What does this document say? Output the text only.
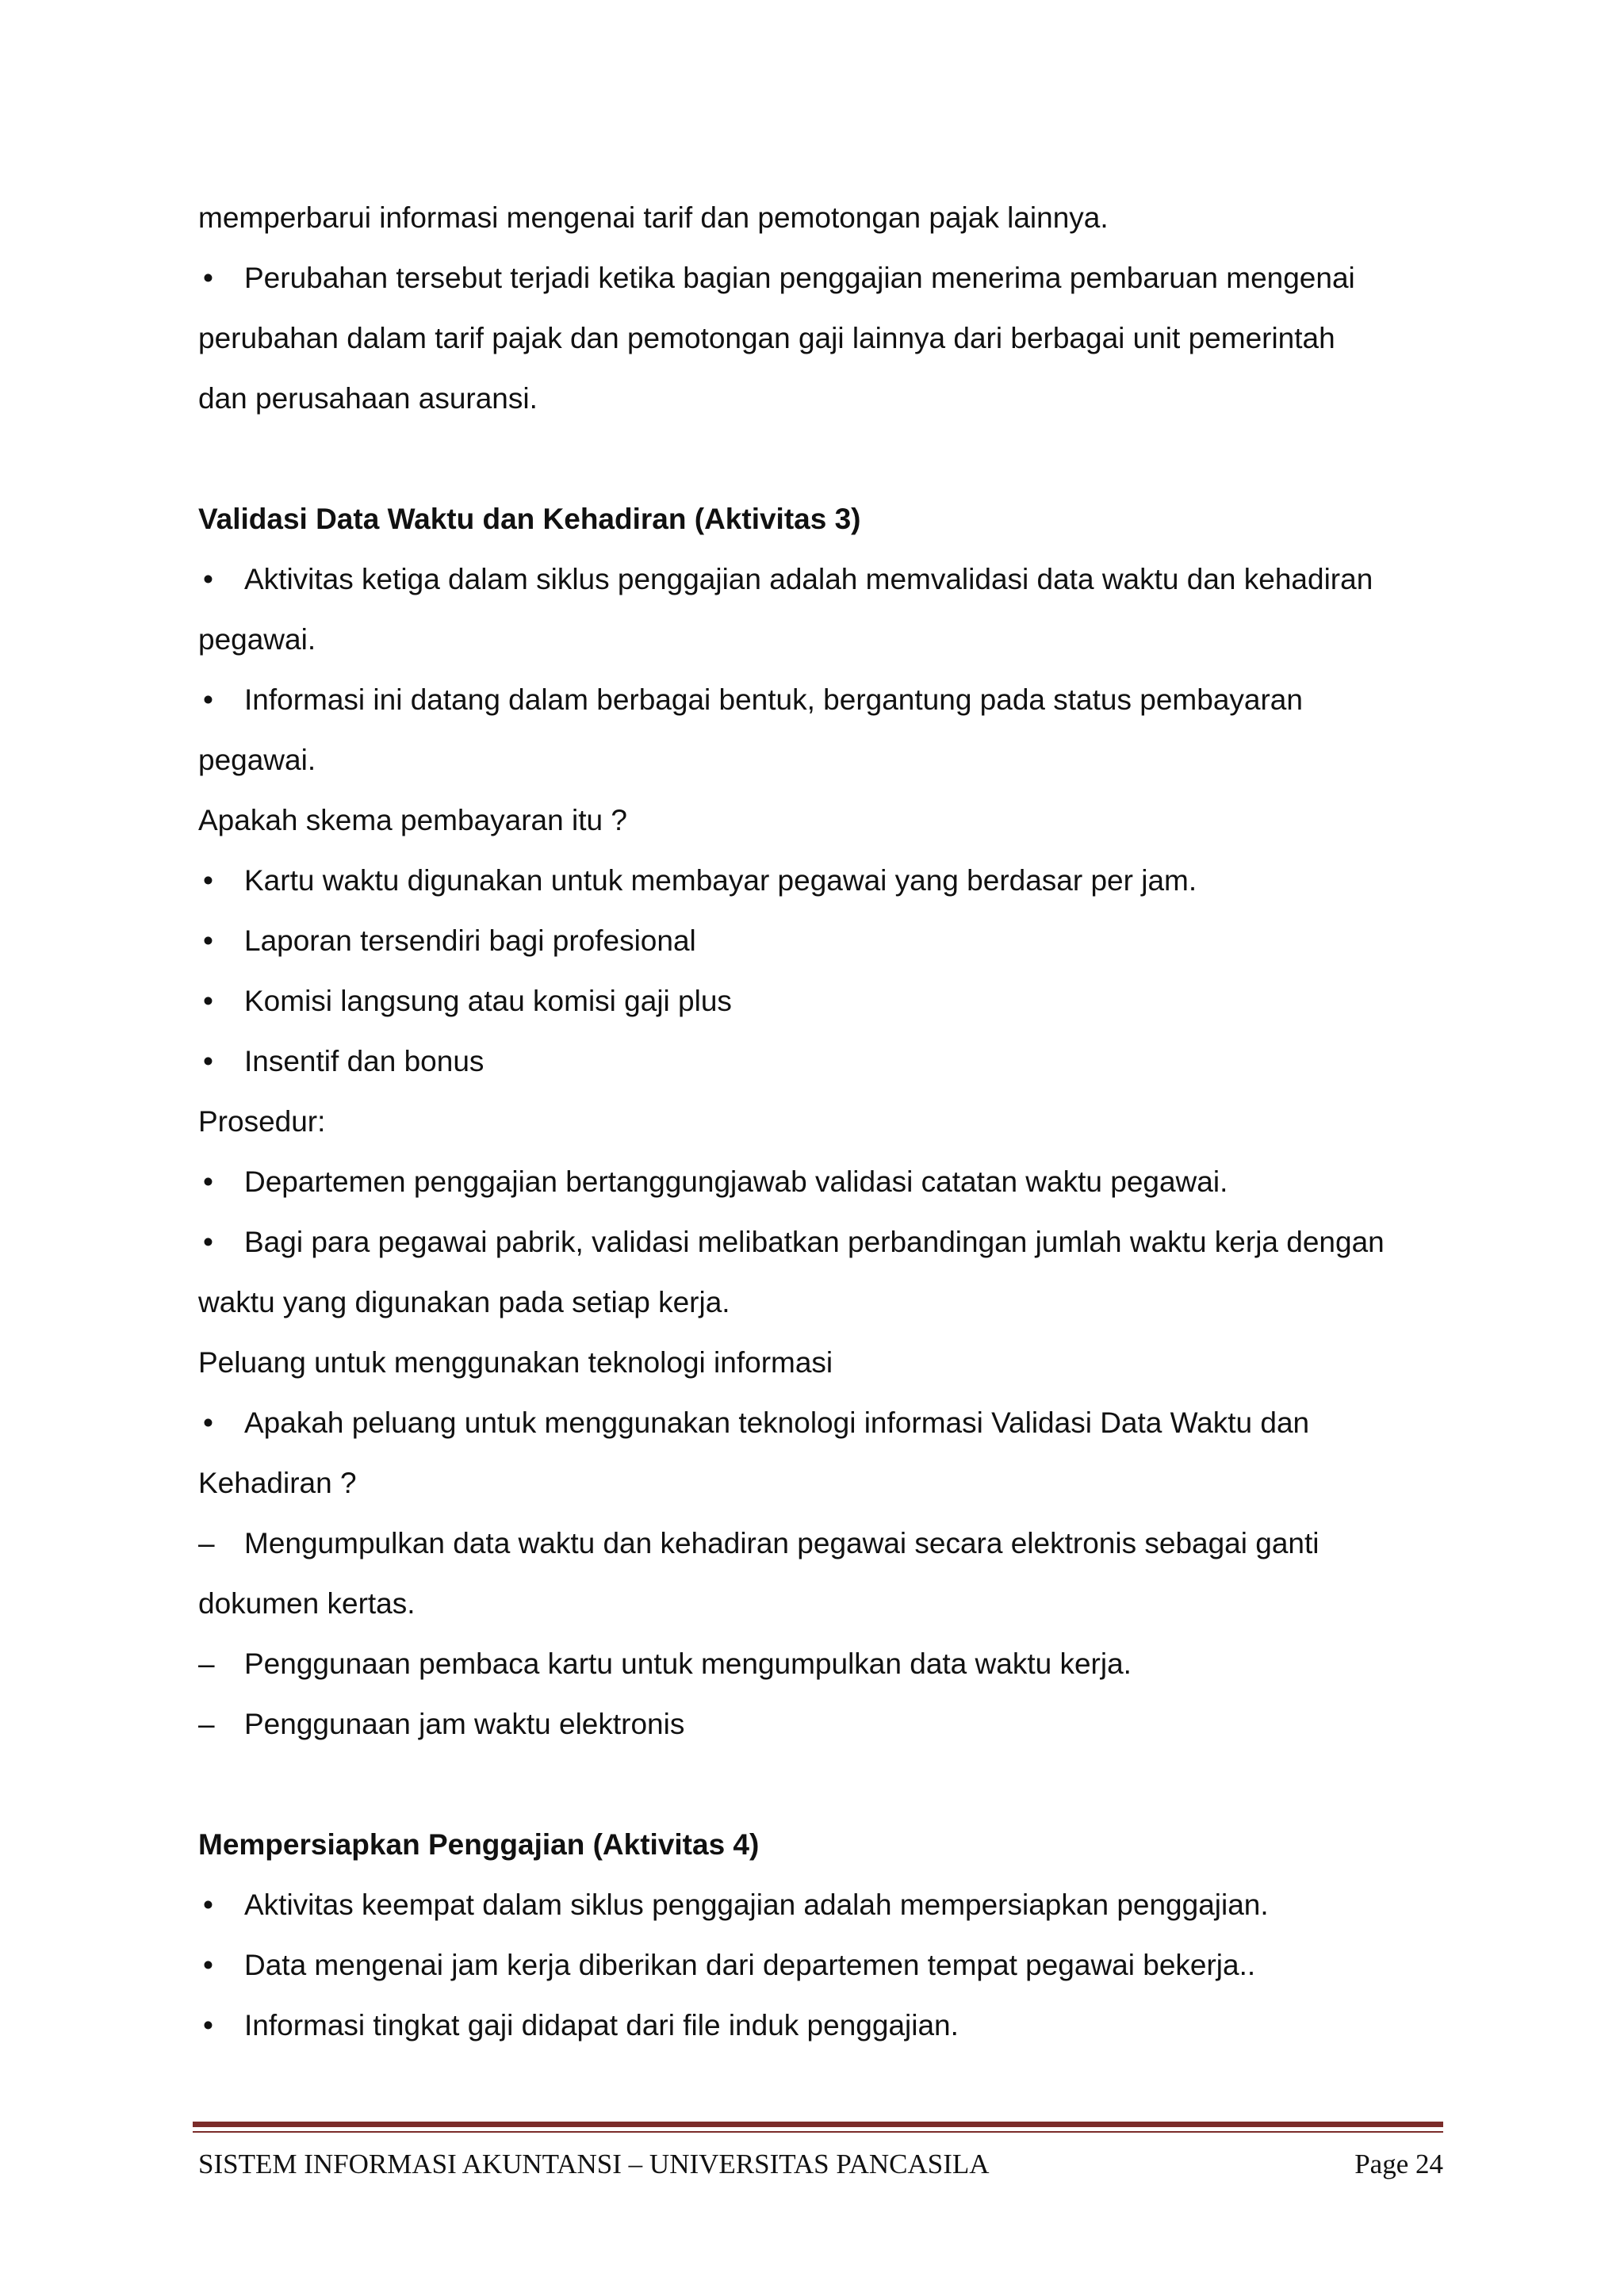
memperbarui informasi mengenai tarif dan pemotongan pajak lainnya.
• Perubahan tersebut terjadi ketika bagian penggajian menerima pembaruan mengenai
perubahan dalam tarif pajak dan pemotongan gaji lainnya dari berbagai unit pemerintah
dan perusahaan asuransi.
Validasi Data Waktu dan Kehadiran (Aktivitas 3)
• Aktivitas ketiga dalam siklus penggajian adalah memvalidasi data waktu dan kehadiran
pegawai.
• Informasi ini datang dalam berbagai bentuk, bergantung pada status pembayaran
pegawai.
Apakah skema pembayaran itu ?
• Kartu waktu digunakan untuk membayar pegawai yang berdasar per jam.
• Laporan tersendiri bagi profesional
• Komisi langsung atau komisi gaji plus
• Insentif dan bonus
Prosedur:
• Departemen penggajian bertanggungjawab validasi catatan waktu pegawai.
• Bagi para pegawai pabrik, validasi melibatkan perbandingan jumlah waktu kerja dengan
waktu yang digunakan pada setiap kerja.
Peluang untuk menggunakan teknologi informasi
• Apakah peluang untuk menggunakan teknologi informasi Validasi Data Waktu dan
Kehadiran ?
– Mengumpulkan data waktu dan kehadiran pegawai secara elektronis sebagai ganti
dokumen kertas.
– Penggunaan pembaca kartu untuk mengumpulkan data waktu kerja.
– Penggunaan jam waktu elektronis
Mempersiapkan Penggajian (Aktivitas 4)
• Aktivitas keempat dalam siklus penggajian adalah mempersiapkan penggajian.
• Data mengenai jam kerja diberikan dari departemen tempat pegawai bekerja..
• Informasi tingkat gaji didapat dari file induk penggajian.
SISTEM INFORMASI AKUNTANSI – UNIVERSITAS PANCASILA	Page 24
